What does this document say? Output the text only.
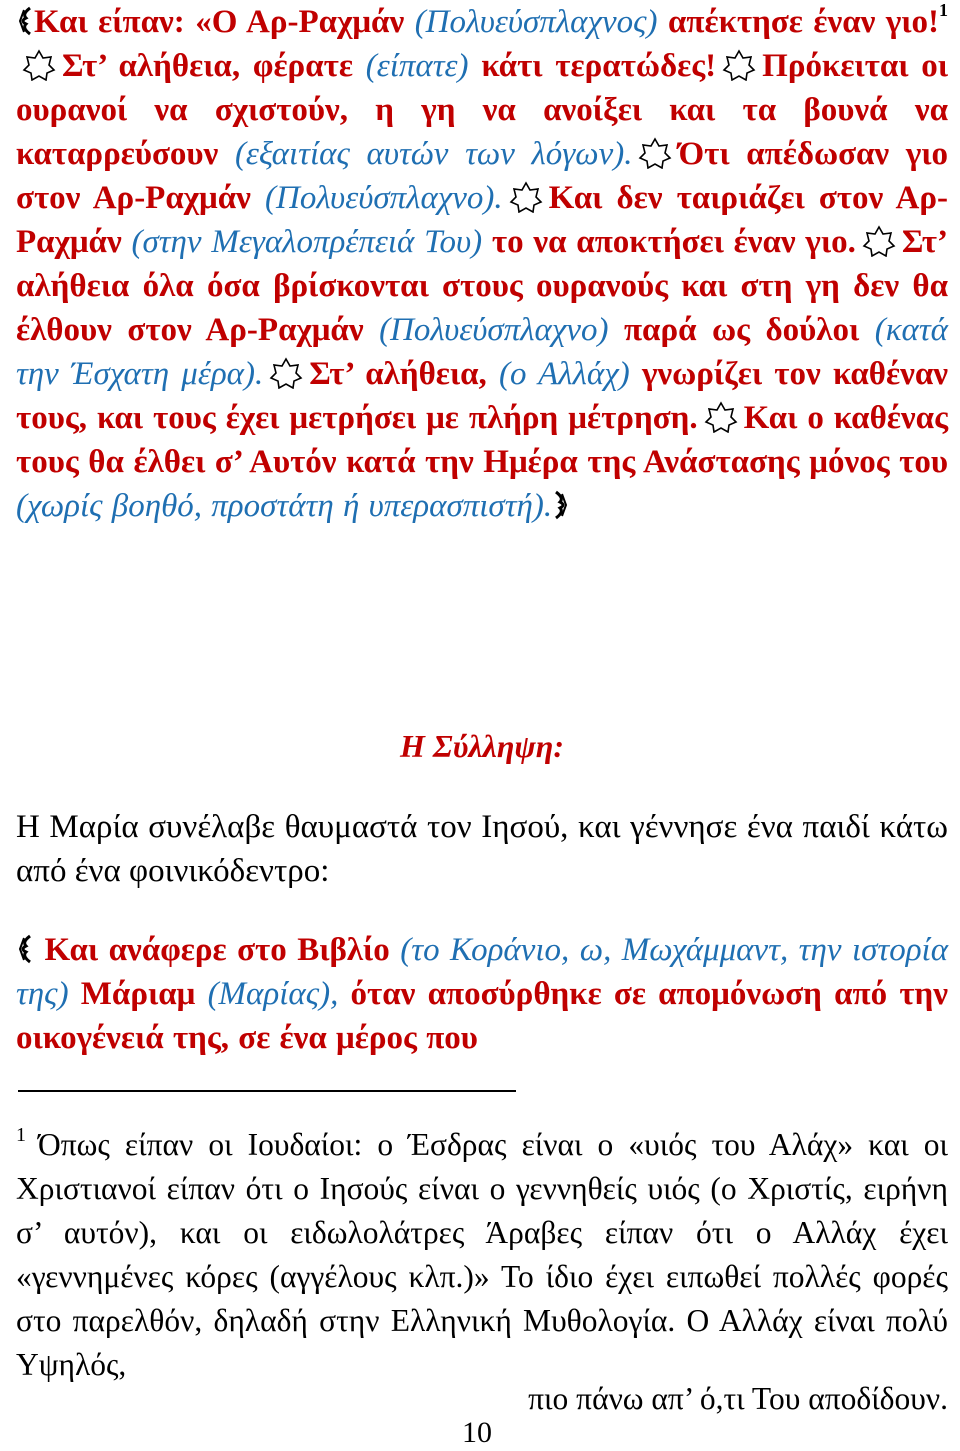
Και είπαν: «Ο Αρ-Ραχμάν (Πολυεύσπλαχνος) απέκτησε έναν γιο!$^1$Στ’ αλήθεια, φέρατε (είπατε) κάτι τερατώδες! Πρόκειται οι ουρανοί να σχιστούν, η γη να ανοίξει και τα βουνά να καταρρεύσουν (εξαιτίας αυτών των λόγων). Ότι απέδωσαν γιο στον Αρ-Ραχμάν (Πολυεύσπλαχνο). Και δεν ταιριάζει στον Αρ-Ραχμάν (στην Μεγαλοπρέπειά Του) το να αποκτήσει έναν γιο. Στ’ αλήθεια όλα όσα βρίσκονται στους ουρανούς και στη γη δεν θα έλθουν στον Αρ-Ραχμάν (Πολυεύσπλαχνο) παρά ως δούλοι (κατά την Έσχατη μέρα). Στ’ αλήθεια, (ο Αλλάχ) γνωρίζει τον καθέναν τους, και τους έχει μετρήσει με πλήρη μέτρηση. Και ο καθένας τους θα έλθει σ’ Αυτόν κατά την Ημέρα της Ανάστασης μόνος του (χωρίς βοηθό, προστάτη ή υπερασπιστή).

Η Σύλληψη:

Η Μαρία συνέλαβε θαυμαστά τον Ιησού, και γέννησε ένα παιδί κάτω από ένα φοινικόδεντρο:

Και ανάφερε στο Βιβλίο (το Κοράνιο, ω, Μωχάμμαντ, την ιστορία της) Μάριαμ (Μαρίας), όταν αποσύρθηκε σε απομόνωση από την οικογένειά της, σε ένα μέρος που

$^1$ Όπως είπαν οι Ιουδαίοι: ο Έσδρας είναι ο «υιός του Αλάχ» και οι Χριστιανοί είπαν ότι ο Ιησούς είναι ο γεννηθείς υιός (ο Χριστίς, ειρήνη σ’ αυτόν), και οι ειδωλολάτρες Άραβες είπαν ότι ο Αλλάχ έχει «γεννημένες κόρες (αγγέλους κλπ.)» Το ίδιο έχει ειπωθεί πολλές φορές στο παρελθόν, δηλαδή στην Ελληνική Μυθολογία. Ο Αλλάχ είναι πολύ Υψηλός,

πιο πάνω απ’ ό,τι Του αποδίδουν.
10
